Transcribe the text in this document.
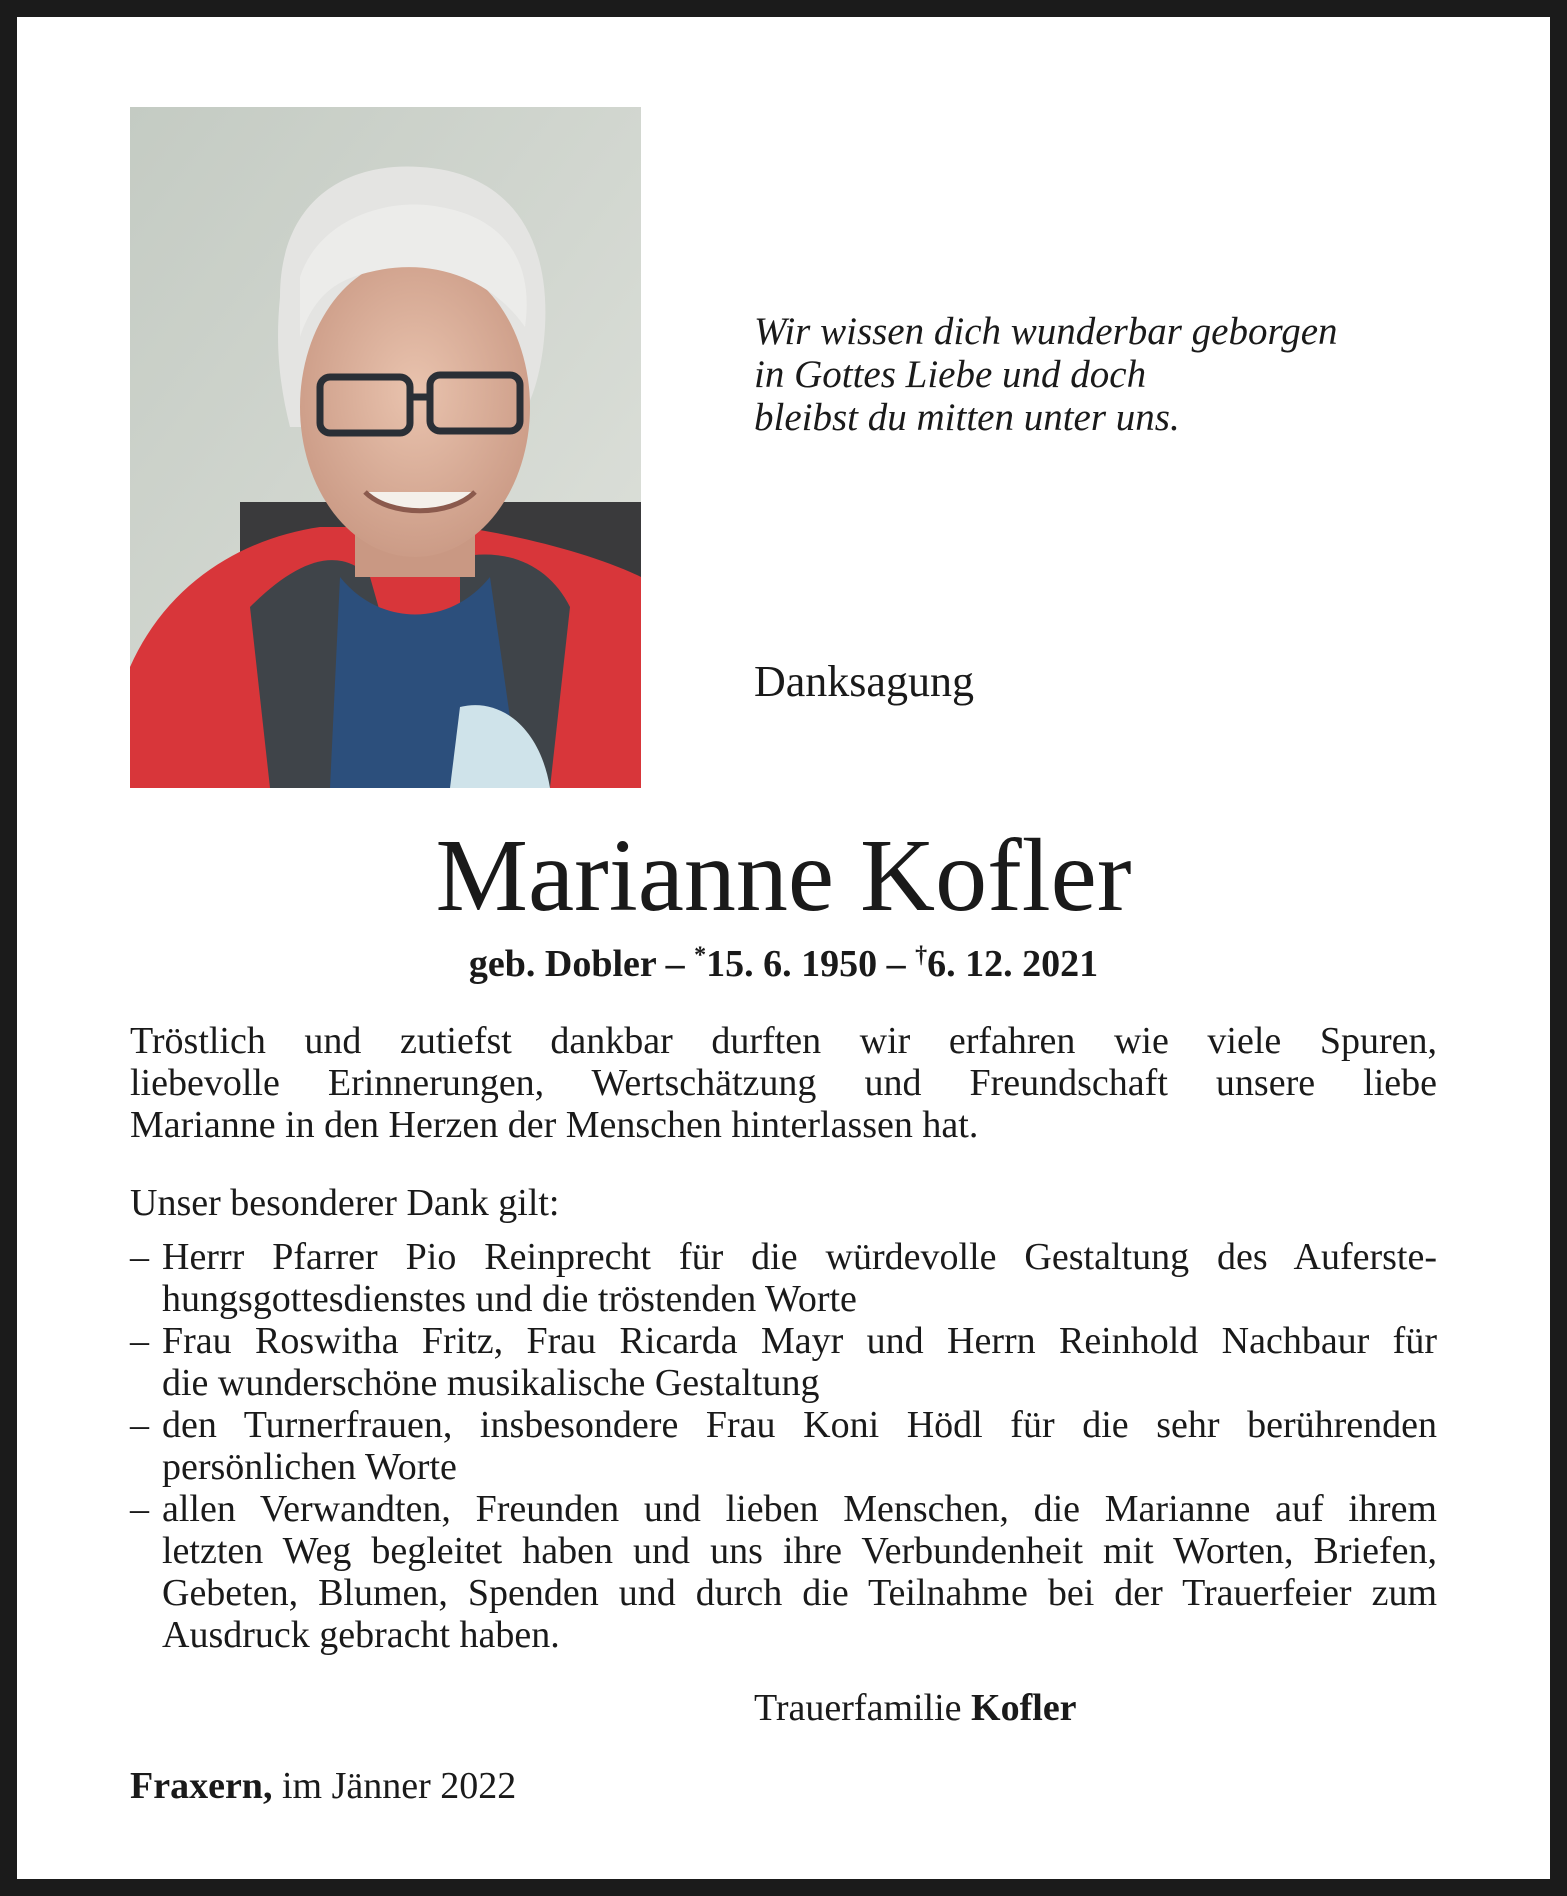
Wir wissen dich wunderbar geborgen
in Gottes Liebe und doch
bleibst du mitten unter uns.
Danksagung
Marianne Kofler
geb. Dobler – *15. 6. 1950 – †6. 12. 2021
Tröstlich und zutiefst dankbar durften wir erfahren wie viele Spuren,
liebevolle Erinnerungen, Wertschätzung und Freundschaft unsere liebe
Marianne in den Herzen der Menschen hinterlassen hat.
Unser besonderer Dank gilt:
– Herrr Pfarrer Pio Reinprecht für die würdevolle Gestaltung des Auferste-
hungsgottesdienstes und die tröstenden Worte
– Frau Roswitha Fritz, Frau Ricarda Mayr und Herrn Reinhold Nachbaur für
die wunderschöne musikalische Gestaltung
– den Turnerfrauen, insbesondere Frau Koni Hödl für die sehr berührenden
persönlichen Worte
– allen Verwandten, Freunden und lieben Menschen, die Marianne auf ihrem
letzten Weg begleitet haben und uns ihre Verbundenheit mit Worten, Briefen,
Gebeten, Blumen, Spenden und durch die Teilnahme bei der Trauerfeier zum
Ausdruck gebracht haben.
Trauerfamilie Kofler
Fraxern, im Jänner 2022
